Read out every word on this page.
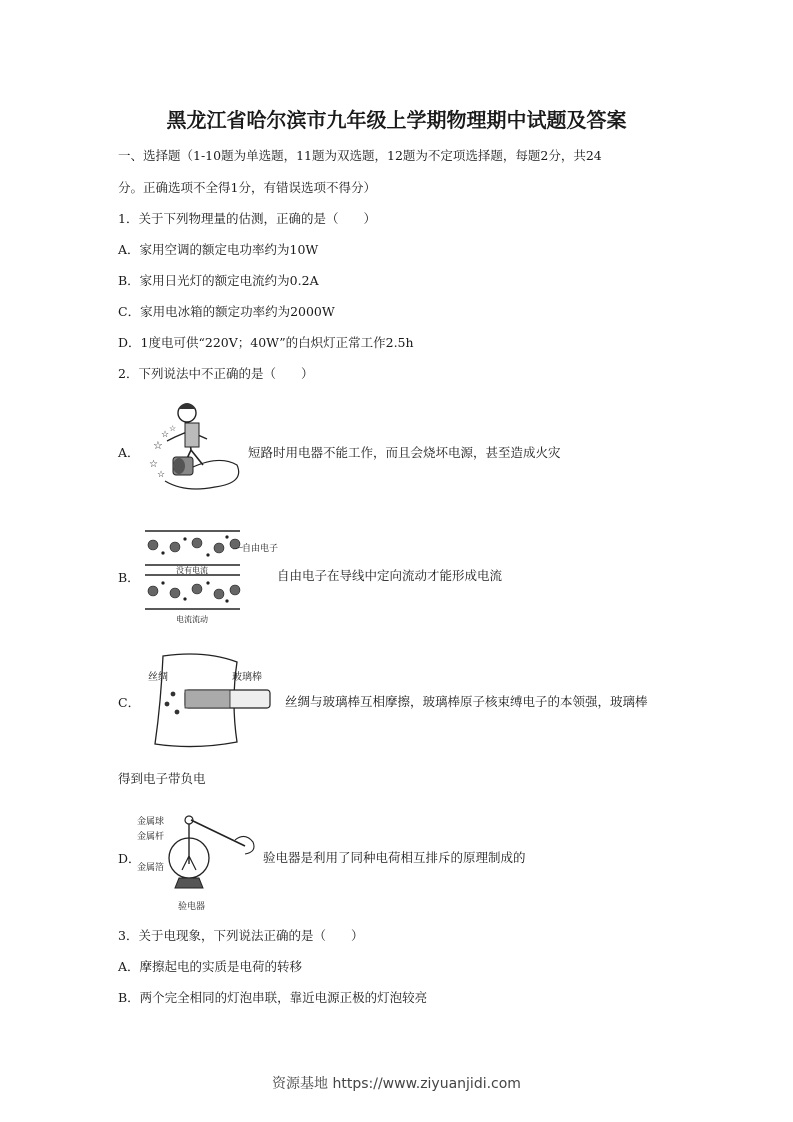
黑龙江省哈尔滨市九年级上学期物理期中试题及答案
一、选择题（1-10题为单选题，11题为双选题，12题为不定项选择题，每题2分，共24
分。正确选项不全得1分，有错误选项不得分）
1．关于下列物理量的估测，正确的是（　　）
A．家用空调的额定电功率约为10W
B．家用日光灯的额定电流约为0.2A
C．家用电冰箱的额定功率约为2000W
D．1度电可供“220V；40W”的白炽灯正常工作2.5h
2．下列说法中不正确的是（　　）
A． ☆
☆
☆
☆
☆
短路时用电器不能工作，而且会烧坏电源，甚至造成火灾
B．
自由电子
没有电流
电流流动
自由电子在导线中定向流动才能形成电流
C．
丝绸	玻璃棒
丝绸与玻璃棒互相摩擦，玻璃棒原子核束缚电子的本领强，玻璃棒
得到电子带负电
D．
金属球
金属杆
金属箔
验电器
验电器是利用了同种电荷相互排斥的原理制成的
3．关于电现象，下列说法正确的是（　　）
A．摩擦起电的实质是电荷的转移
B．两个完全相同的灯泡串联，靠近电源正极的灯泡较亮
资源基地 https://www.ziyuanjidi.com
